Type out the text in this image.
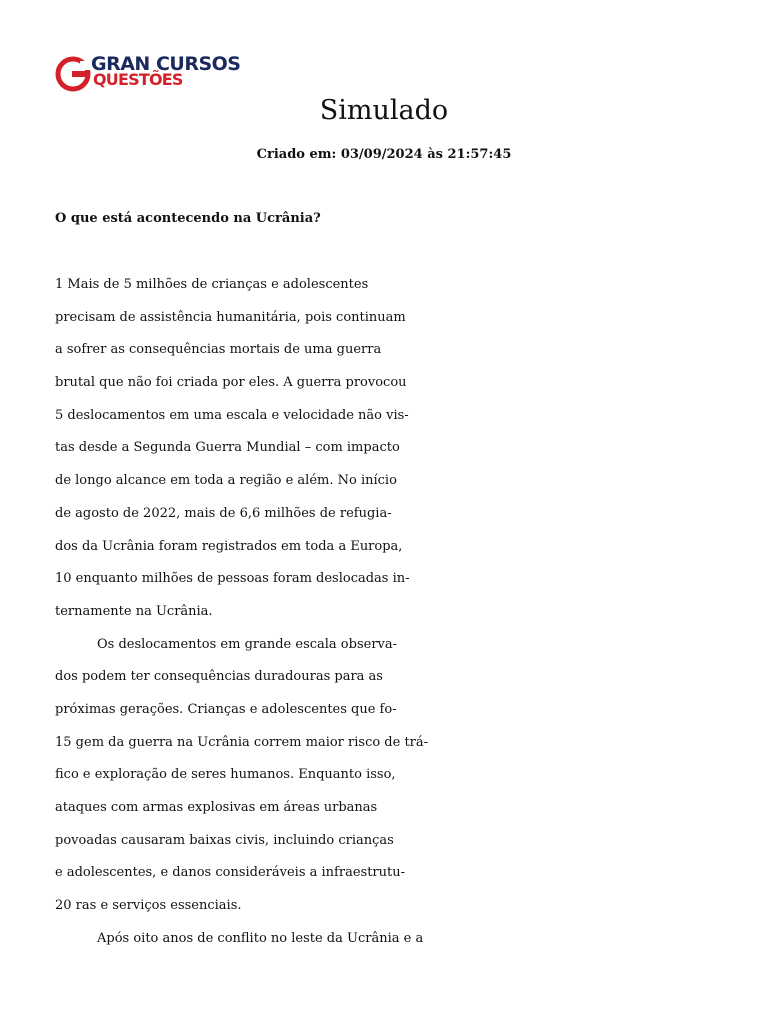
GRAN CURSOS
QUESTÕES
Simulado
Criado em: 03/09/2024 às 21:57:45
O que está acontecendo na Ucrânia?
1 Mais de 5 milhões de crianças e adolescentes
precisam de assistência humanitária, pois continuam
a sofrer as consequências mortais de uma guerra
brutal que não foi criada por eles. A guerra provocou
5 deslocamentos em uma escala e velocidade não vis-
tas desde a Segunda Guerra Mundial – com impacto
de longo alcance em toda a região e além. No início
de agosto de 2022, mais de 6,6 milhões de refugia-
dos da Ucrânia foram registrados em toda a Europa,
10 enquanto milhões de pessoas foram deslocadas in-
ternamente na Ucrânia.
Os deslocamentos em grande escala observa-
dos podem ter consequências duradouras para as
próximas gerações. Crianças e adolescentes que fo-
15 gem da guerra na Ucrânia correm maior risco de trá-
fico e exploração de seres humanos. Enquanto isso,
ataques com armas explosivas em áreas urbanas
povoadas causaram baixas civis, incluindo crianças
e adolescentes, e danos consideráveis a infraestrutu-
20 ras e serviços essenciais.
Após oito anos de conflito no leste da Ucrânia e a
